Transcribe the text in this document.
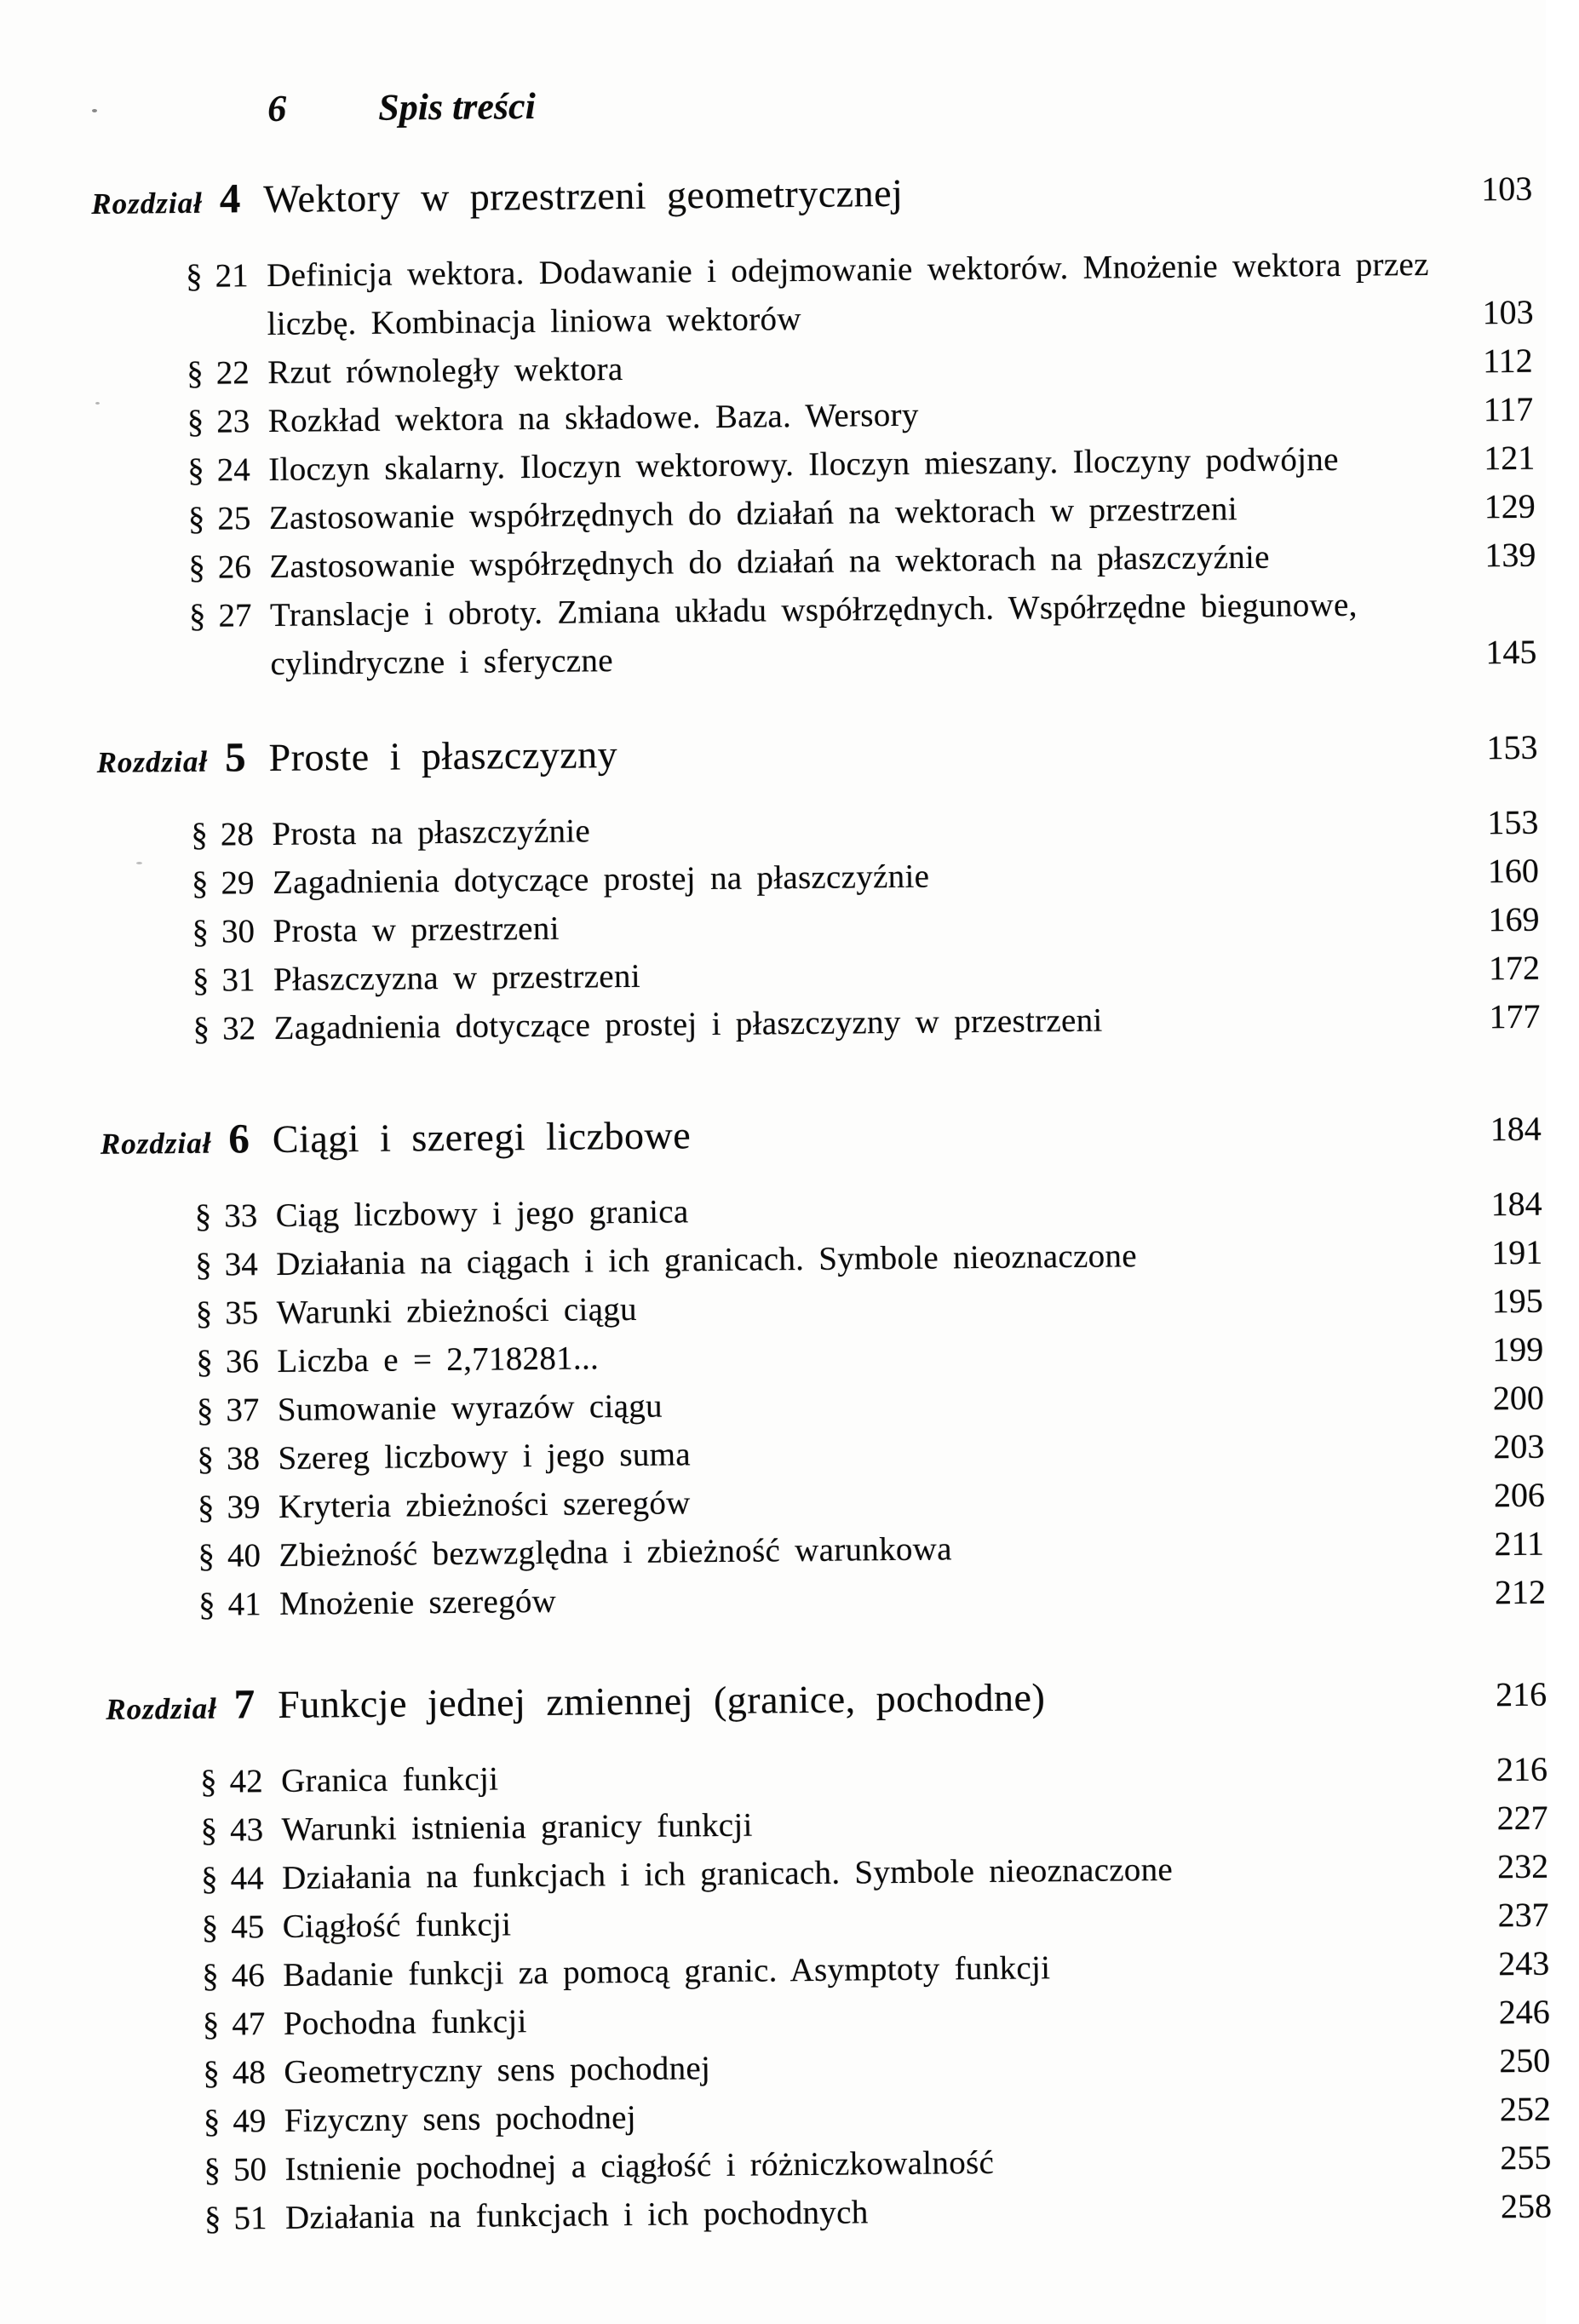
6 Spis treści
Rozdział 4 Wektory w przestrzeni geometrycznej	103
§ 21 Definicja wektora. Dodawanie i odejmowanie wektorów. Mnożenie wektora przez liczbę. Kombinacja liniowa wektorów	103
§ 22 Rzut równoległy wektora	112
§ 23 Rozkład wektora na składowe. Baza. Wersory	117
§ 24 Iloczyn skalarny. Iloczyn wektorowy. Iloczyn mieszany. Iloczyny podwójne	121
§ 25 Zastosowanie współrzędnych do działań na wektorach w przestrzeni	129
§ 26 Zastosowanie współrzędnych do działań na wektorach na płaszczyźnie	139
§ 27 Translacje i obroty. Zmiana układu współrzędnych. Współrzędne biegunowe, cylindryczne i sferyczne	145
Rozdział 5 Proste i płaszczyzny	153
§ 28 Prosta na płaszczyźnie	153
§ 29 Zagadnienia dotyczące prostej na płaszczyźnie	160
§ 30 Prosta w przestrzeni	169
§ 31 Płaszczyzna w przestrzeni	172
§ 32 Zagadnienia dotyczące prostej i płaszczyzny w przestrzeni	177
Rozdział 6 Ciągi i szeregi liczbowe	184
§ 33 Ciąg liczbowy i jego granica	184
§ 34 Działania na ciągach i ich granicach. Symbole nieoznaczone	191
§ 35 Warunki zbieżności ciągu	195
§ 36 Liczba e = 2,718281...	199
§ 37 Sumowanie wyrazów ciągu	200
§ 38 Szereg liczbowy i jego suma	203
§ 39 Kryteria zbieżności szeregów	206
§ 40 Zbieżność bezwzględna i zbieżność warunkowa	211
§ 41 Mnożenie szeregów	212
Rozdział 7 Funkcje jednej zmiennej (granice, pochodne)	216
§ 42 Granica funkcji	216
§ 43 Warunki istnienia granicy funkcji	227
§ 44 Działania na funkcjach i ich granicach. Symbole nieoznaczone	232
§ 45 Ciągłość funkcji	237
§ 46 Badanie funkcji za pomocą granic. Asymptoty funkcji	243
§ 47 Pochodna funkcji	246
§ 48 Geometryczny sens pochodnej	250
§ 49 Fizyczny sens pochodnej	252
§ 50 Istnienie pochodnej a ciągłość i różniczkowalność	255
§ 51 Działania na funkcjach i ich pochodnych	258
